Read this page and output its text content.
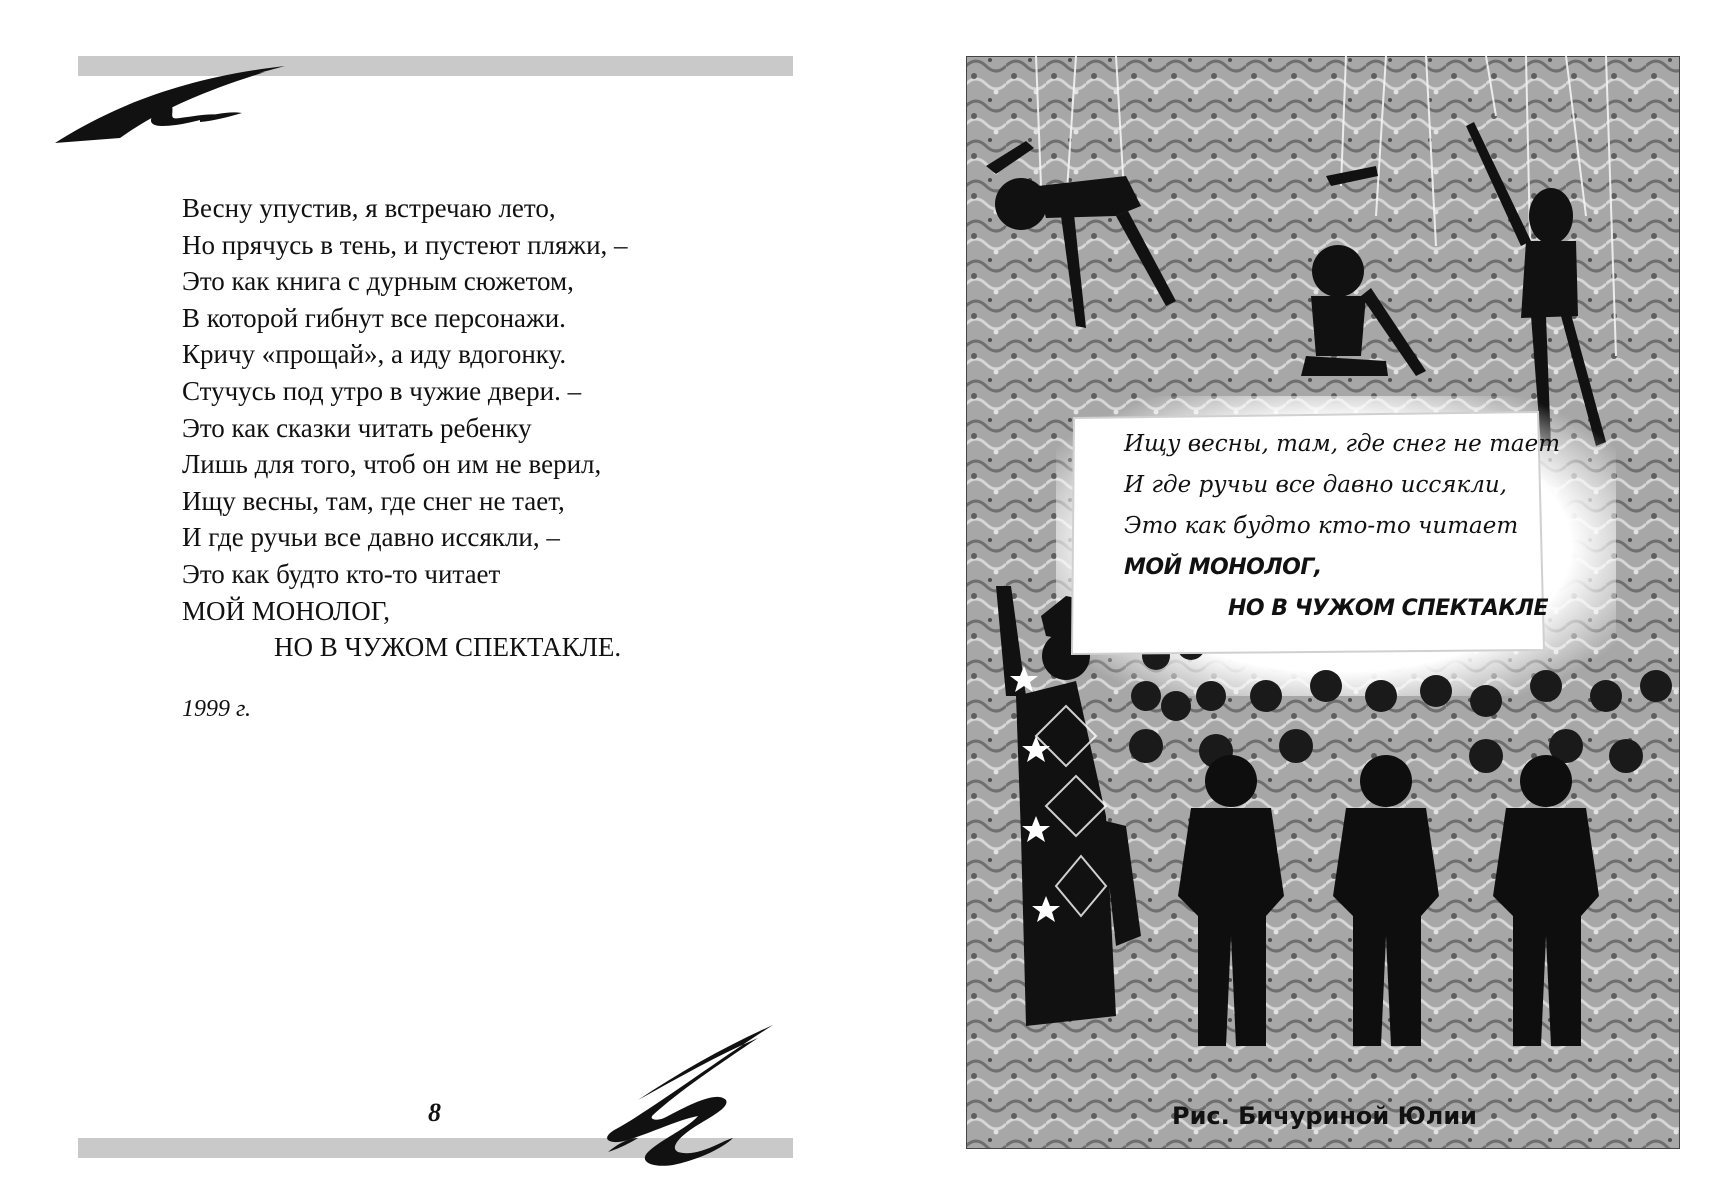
Весну упустив, я встречаю лето,
Но прячусь в тень, и пустеют пляжи, –
Это как книга с дурным сюжетом,
В которой гибнут все персонажи.
Кричу «прощай», а иду вдогонку.
Стучусь под утро в чужие двери. –
Это как сказки читать ребенку
Лишь для того, чтоб он им не верил,
Ищу весны, там, где снег не тает,
И где ручьи все давно иссякли, –
Это как будто кто-то читает
МОЙ МОНОЛОГ,
НО В ЧУЖОМ СПЕКТАКЛЕ.
1999 г.
8
Ищу весны, там, где снег не тает
И где ручьи все давно иссякли,
Это как будто кто-то читает
МОЙ МОНОЛОГ,
НО В ЧУЖОМ СПЕКТАКЛЕ
Рис. Бичуриной Юлии
